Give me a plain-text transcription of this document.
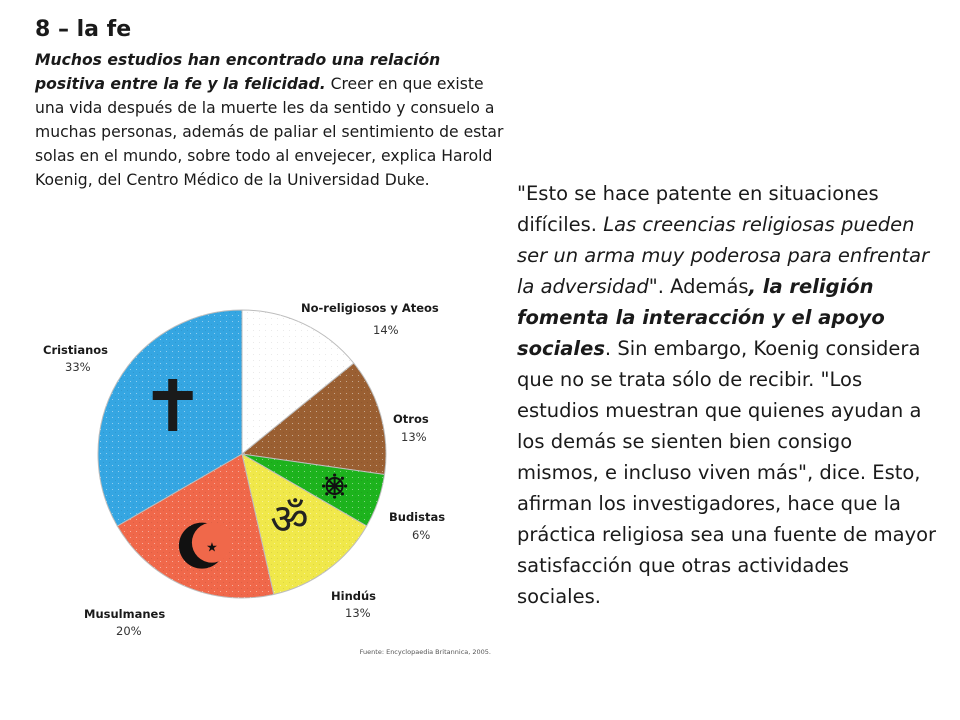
8 – la fe

Muchos estudios han encontrado una relación positiva entre la fe y la felicidad. Creer en que existe una vida después de la muerte les da sentido y consuelo a muchas personas, además de paliar el sentimiento de estar solas en el mundo, sobre todo al envejecer, explica Harold Koenig, del Centro Médico de la Universidad Duke.

"Esto se hace patente en situaciones difíciles. Las creencias religiosas pueden ser un arma muy poderosa para enfrentar la adversidad". Además, la religión fomenta la interacción y el apoyo sociales. Sin embargo, Koenig considera que no se trata sólo de recibir. "Los estudios muestran que quienes ayudan a los demás se sienten bien consigo mismos, e incluso viven más", dice. Esto, afirman los investigadores, hace que la práctica religiosa sea una fuente de mayor satisfacción que otras actividades sociales.

ॐ
★
No-religiosos y Ateos
14%
Otros
13%
Budistas
6%
Hindús
13%
Musulmanes
20%
Cristianos
33%
Fuente: Encyclopaedia Britannica, 2005.
